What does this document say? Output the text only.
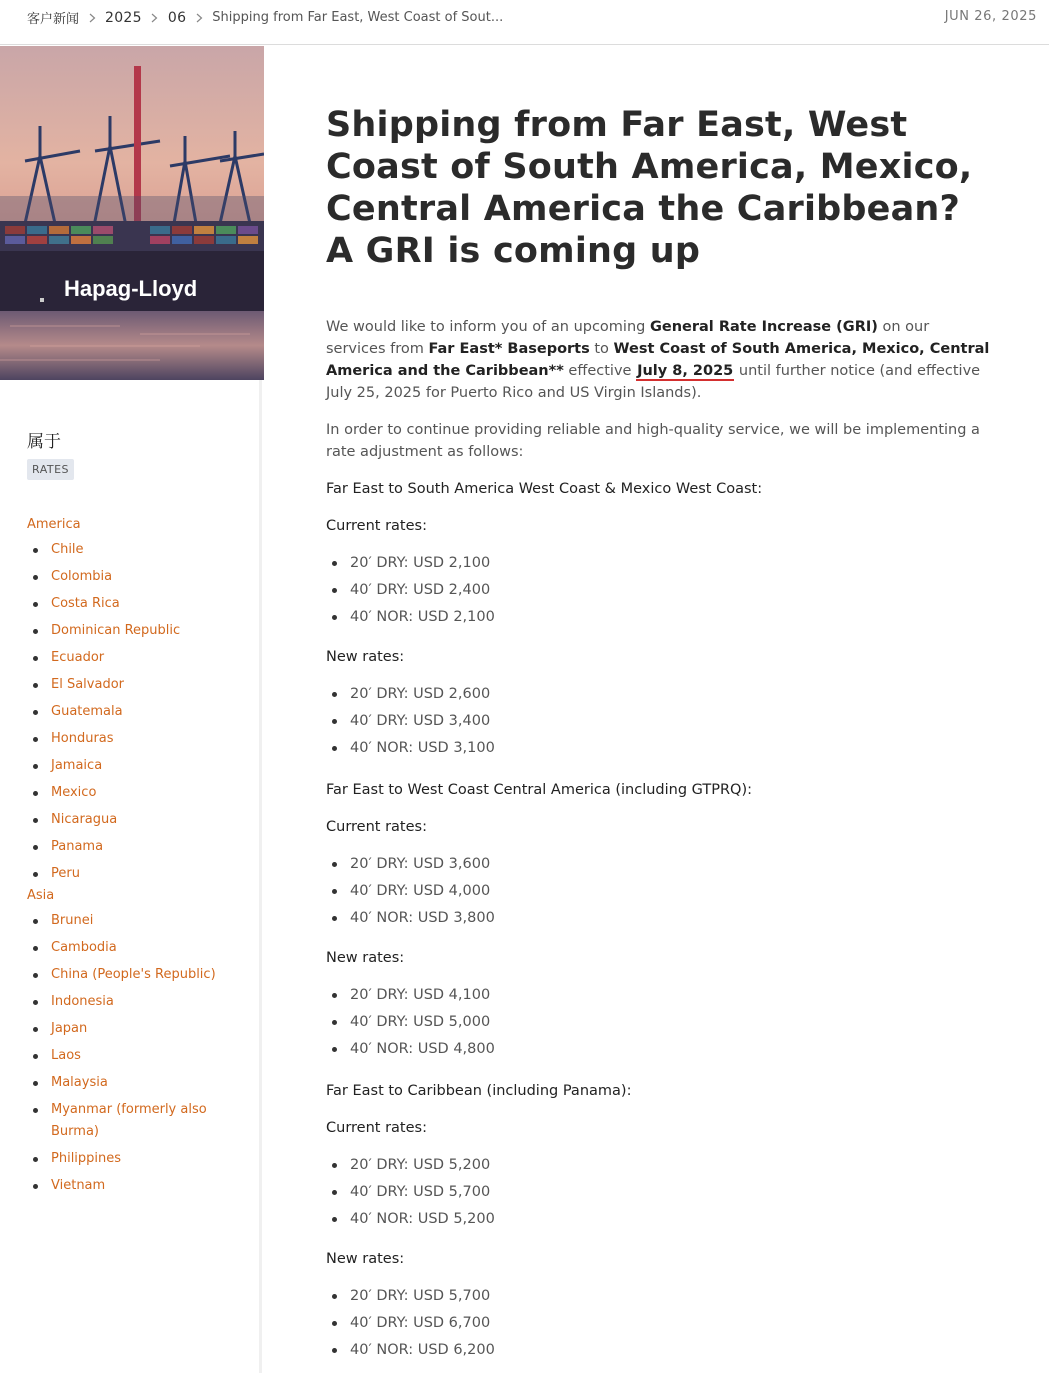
客户新闻 2025 06 Shipping from Far East, West Coast of Sout...	JUN 26, 2025
Hapag-Lloyd
属于
RATES
America
Chile
Colombia
Costa Rica
Dominican Republic
Ecuador
El Salvador
Guatemala
Honduras
Jamaica
Mexico
Nicaragua
Panama
Peru
Asia
Brunei
Cambodia
China (People's Republic)
Indonesia
Japan
Laos
Malaysia
Myanmar (formerly also Burma)
Philippines
Vietnam
Shipping from Far East, West Coast of South America, Mexico, Central America the Caribbean? A GRI is coming up

We would like to inform you of an upcoming General Rate Increase (GRI) on our services from Far East* Baseports to West Coast of South America, Mexico, Central America and the Caribbean** effective July 8, 2025 until further notice (and effective July 25, 2025 for Puerto Rico and US Virgin Islands).

In order to continue providing reliable and high-quality service, we will be implementing a rate adjustment as follows:

Far East to South America West Coast & Mexico West Coast:

Current rates:

20′ DRY: USD 2,100
40′ DRY: USD 2,400
40′ NOR: USD 2,100

New rates:

20′ DRY: USD 2,600
40′ DRY: USD 3,400
40′ NOR: USD 3,100

Far East to West Coast Central America (including GTPRQ):

Current rates:

20′ DRY: USD 3,600
40′ DRY: USD 4,000
40′ NOR: USD 3,800

New rates:

20′ DRY: USD 4,100
40′ DRY: USD 5,000
40′ NOR: USD 4,800

Far East to Caribbean (including Panama):

Current rates:

20′ DRY: USD 5,200
40′ DRY: USD 5,700
40′ NOR: USD 5,200

New rates:

20′ DRY: USD 5,700
40′ DRY: USD 6,700
40′ NOR: USD 6,200
